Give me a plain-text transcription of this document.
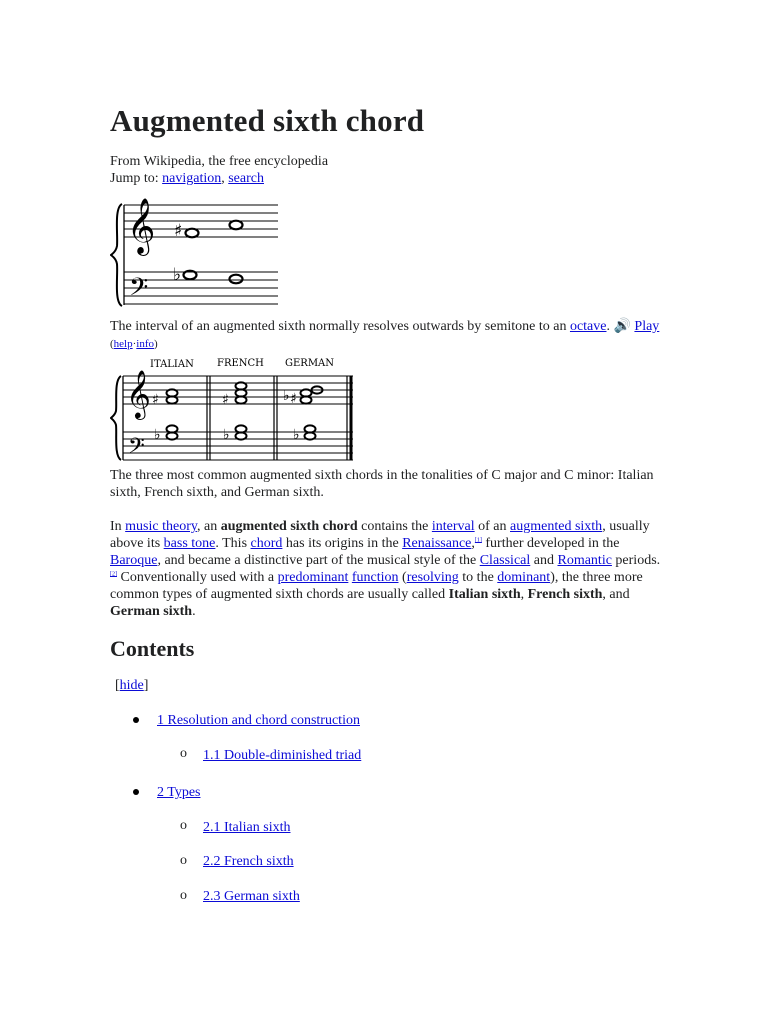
Augmented sixth chord
From Wikipedia, the free encyclopedia
Jump to: navigation, search
𝄞
𝄢
♯
♭
The interval of an augmented sixth normally resolves outwards by semitone to an octave. 🔊 Play (help·info)
ITALIAN FRENCH GERMAN
𝄞
𝄢
♯
♭
♯
♭
♭ ♯
♭
The three most common augmented sixth chords in the tonalities of C major and C minor: Italian sixth, French sixth, and German sixth.
In music theory, an augmented sixth chord contains the interval of an augmented sixth, usually above its bass tone. This chord has its origins in the Renaissance,[1] further developed in the Baroque, and became a distinctive part of the musical style of the Classical and Romantic periods.[2] Conventionally used with a predominant function (resolving to the dominant), the three more common types of augmented sixth chords are usually called Italian sixth, French sixth, and German sixth.
Contents
[hide]
1 Resolution and chord construction
o 1.1 Double-diminished triad
2 Types
o 2.1 Italian sixth
o 2.2 French sixth
o 2.3 German sixth
